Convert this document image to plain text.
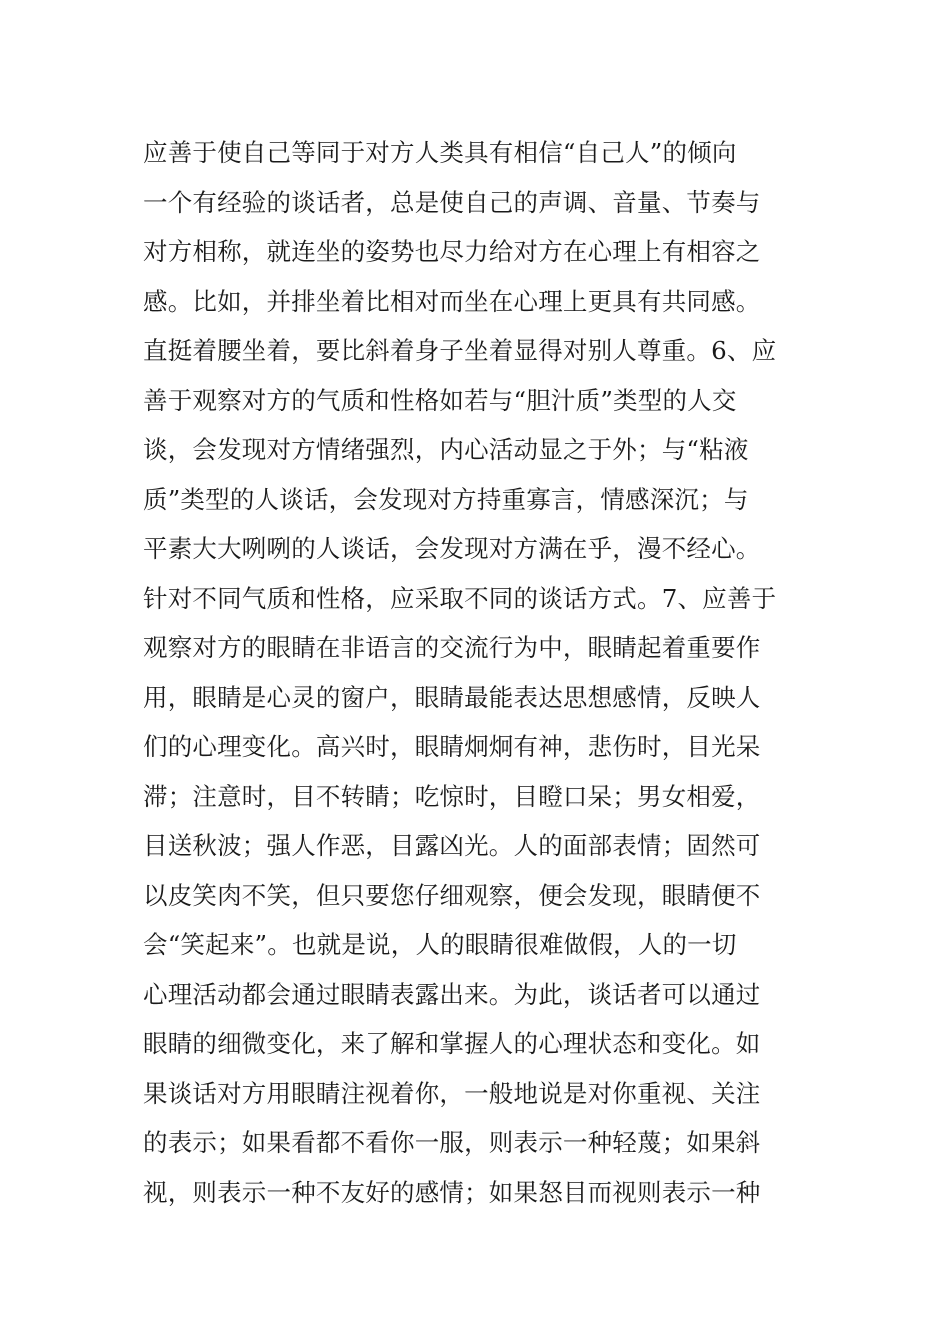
应善于使自己等同于对方人类具有相信“自己人”的倾向
一个有经验的谈话者，总是使自己的声调、音量、节奏与
对方相称，就连坐的姿势也尽力给对方在心理上有相容之
感。比如，并排坐着比相对而坐在心理上更具有共同感。
直挺着腰坐着，要比斜着身子坐着显得对别人尊重。6、应
善于观察对方的气质和性格如若与“胆汁质”类型的人交
谈，会发现对方情绪强烈，内心活动显之于外；与“粘液
质”类型的人谈话，会发现对方持重寡言，情感深沉；与
平素大大咧咧的人谈话，会发现对方满在乎，漫不经心。
针对不同气质和性格，应采取不同的谈话方式。7、应善于
观察对方的眼睛在非语言的交流行为中，眼睛起着重要作
用，眼睛是心灵的窗户，眼睛最能表达思想感情，反映人
们的心理变化。高兴时，眼睛炯炯有神，悲伤时，目光呆
滞；注意时，目不转睛；吃惊时，目瞪口呆；男女相爱，
目送秋波；强人作恶，目露凶光。人的面部表情；固然可
以皮笑肉不笑，但只要您仔细观察，便会发现，眼睛便不
会“笑起来”。也就是说，人的眼睛很难做假，人的一切
心理活动都会通过眼睛表露出来。为此，谈话者可以通过
眼睛的细微变化，来了解和掌握人的心理状态和变化。如
果谈话对方用眼睛注视着你，一般地说是对你重视、关注
的表示；如果看都不看你一服，则表示一种轻蔑；如果斜
视，则表示一种不友好的感情；如果怒目而视则表示一种
